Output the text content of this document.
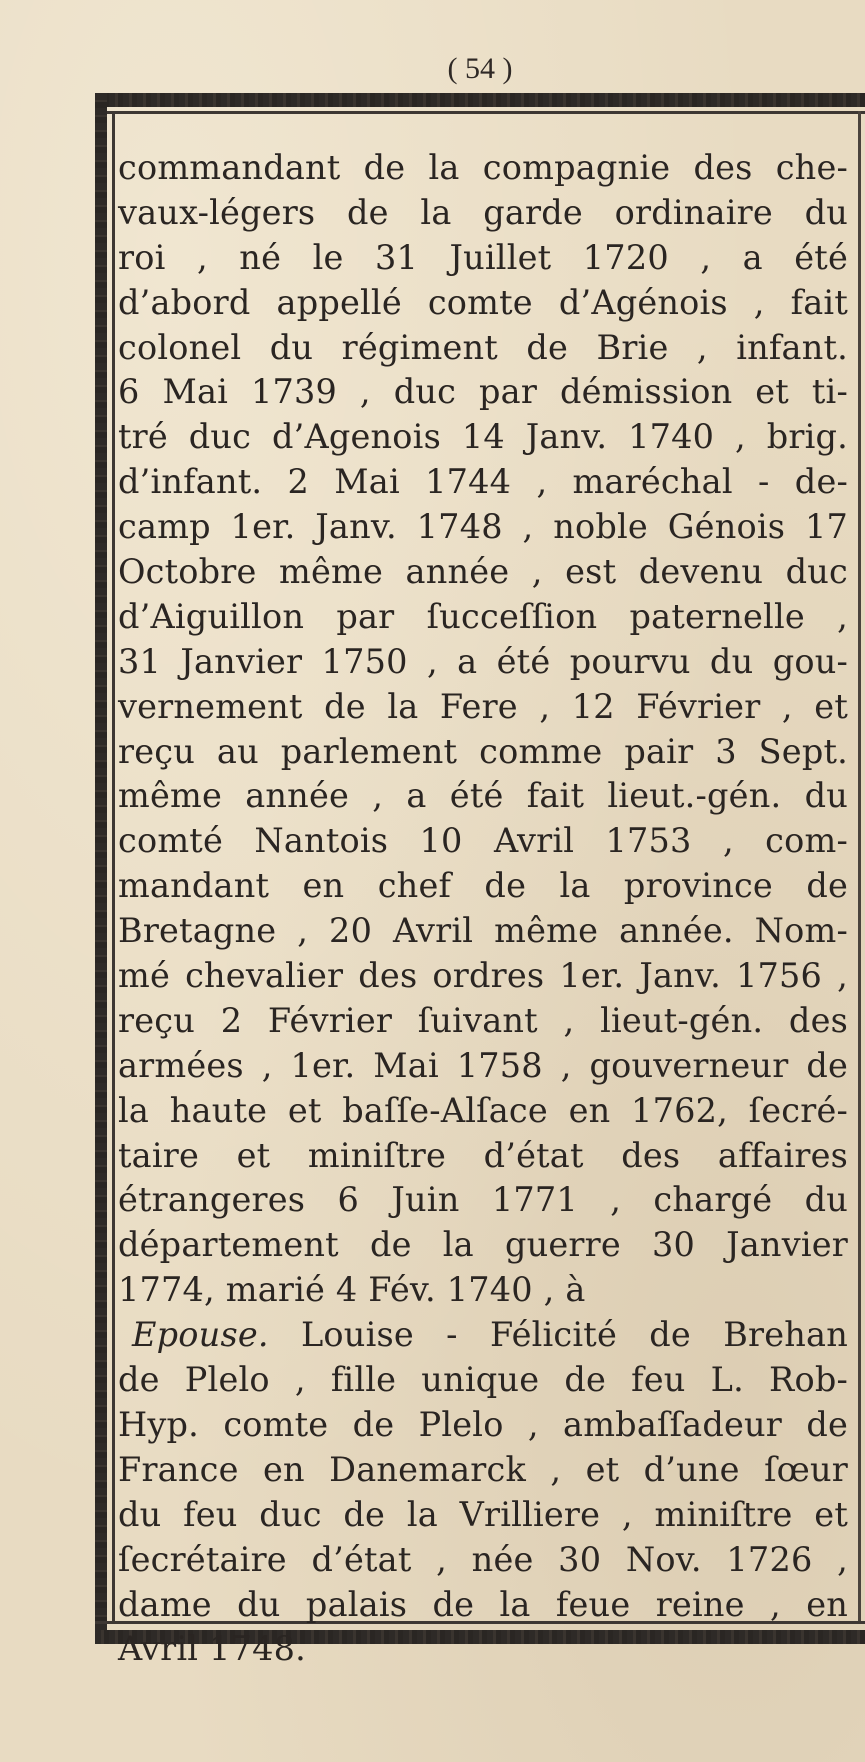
( 54 )
commandant de la compagnie des che-
vaux-légers de la garde ordinaire du
roi , né le 31 Juillet 1720 , a été
d’abord appellé comte d’Agénois , fait
colonel du régiment de Brie , infant.
6 Mai 1739 , duc par démission et ti-
tré duc d’Agenois 14 Janv. 1740 , brig.
d’infant. 2 Mai 1744 , maréchal - de-
camp 1er. Janv. 1748 , noble Génois 17
Octobre même année , est devenu duc
d’Aiguillon par ſucceſſion paternelle ,
31 Janvier 1750 , a été pourvu du gou-
vernement de la Fere , 12 Février , et
reçu au parlement comme pair 3 Sept.
même année , a été fait lieut.-gén. du
comté Nantois 10 Avril 1753 , com-
mandant en chef de la province de
Bretagne , 20 Avril même année. Nom-
mé chevalier des ordres 1er. Janv. 1756 ,
reçu 2 Février ſuivant , lieut-gén. des
armées , 1er. Mai 1758 , gouverneur de
la haute et baſſe-Alſace en 1762, ſecré-
taire et miniſtre d’état des affaires
étrangeres 6 Juin 1771 , chargé du
département de la guerre 30 Janvier
1774, marié 4 Fév. 1740 , à
Epouse. Louise - Félicité de Brehan
de Plelo , fille unique de feu L. Rob-
Hyp. comte de Plelo , ambaſſadeur de
France en Danemarck , et d’une ſœur
du feu duc de la Vrilliere , miniſtre et
ſecrétaire d’état , née 30 Nov. 1726 ,
dame du palais de la feue reine , en
Avril 1748.
